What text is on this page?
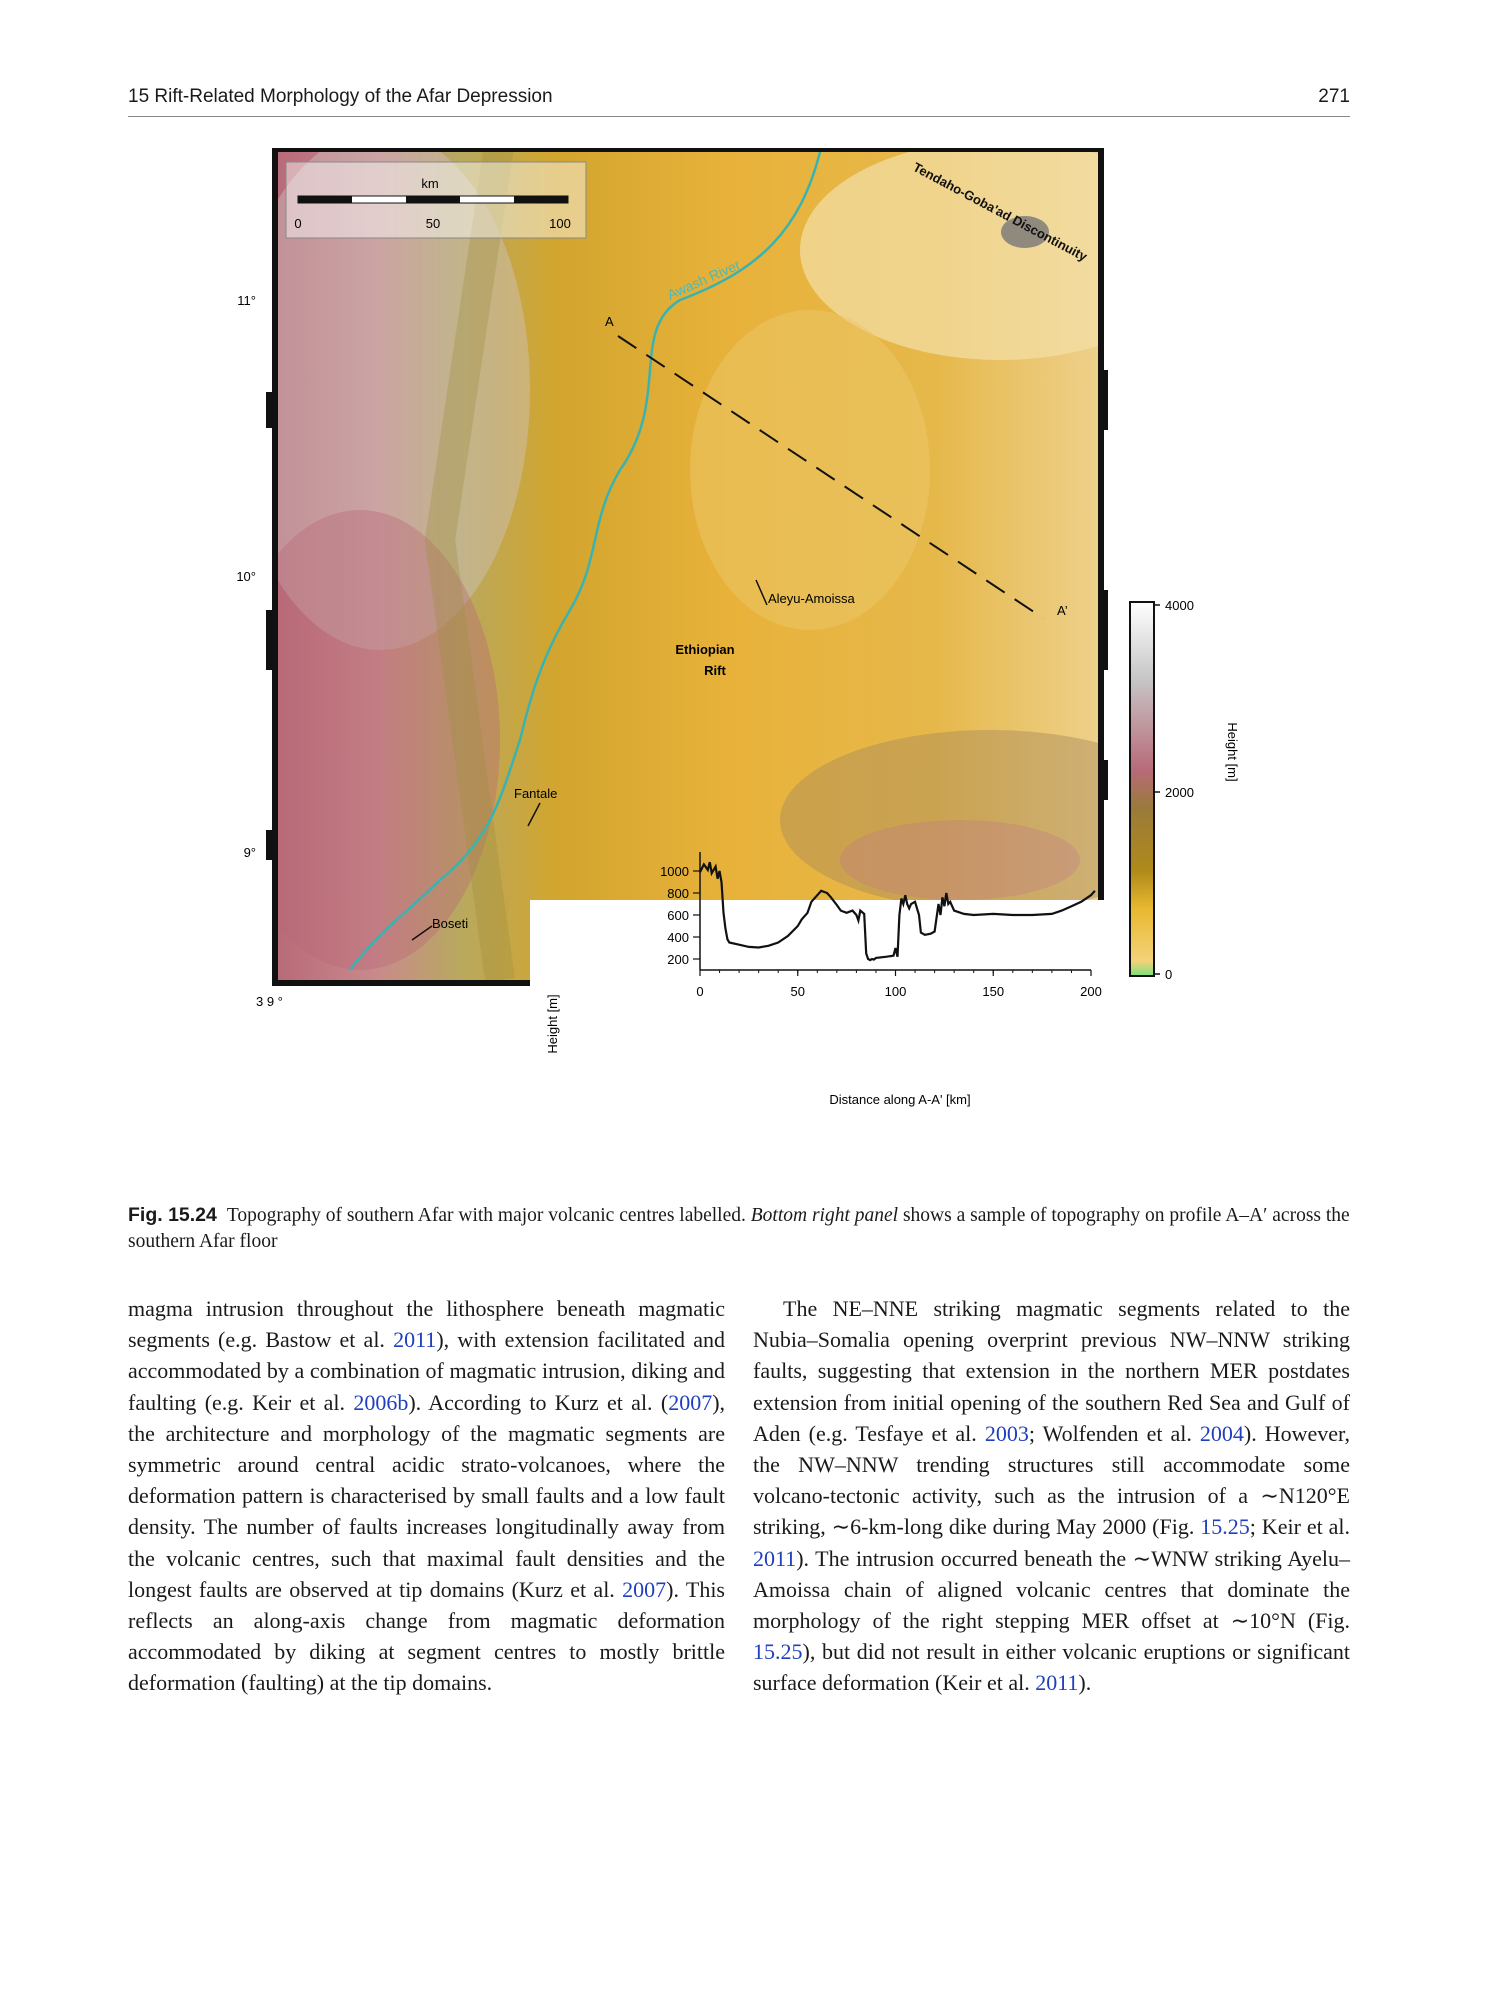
15 Rift-Related Morphology of the Afar Depression	271
km
0	50	100
11°
10°
9°
3 9 °
Awash River
Tendaho-Goba'ad Discontinuity
A
A’
Aleyu-Amoissa
Ethiopian
Rift
Fantale
Boseti
4000
2000
0
Height [m]
0	50	100	150	200
1000
800
600
400
200
Height [m]
Distance along A-A' [km]
Fig. 15.24 Topography of southern Afar with major volcanic centres labelled. Bottom right panel shows a sample of topography on profile A–A′ across the southern Afar floor

magma intrusion throughout the lithosphere beneath magmatic segments (e.g. Bastow et al. 2011), with extension facilitated and accommodated by a combination of magmatic intrusion, diking and faulting (e.g. Keir et al. 2006b). According to Kurz et al. (2007), the architecture and morphology of the magmatic segments are symmetric around central acidic strato-volcanoes, where the deformation pattern is characterised by small faults and a low fault density. The number of faults increases longitudinally away from the volcanic centres, such that maximal fault densities and the longest faults are observed at tip domains (Kurz et al. 2007). This reflects an along-axis change from magmatic deformation accommodated by diking at segment centres to mostly brittle deformation (faulting) at the tip domains.

The NE–NNE striking magmatic segments related to the Nubia–Somalia opening overprint previous NW–NNW striking faults, suggesting that extension in the northern MER postdates extension from initial opening of the southern Red Sea and Gulf of Aden (e.g. Tesfaye et al. 2003; Wolfenden et al. 2004). However, the NW–NNW trending structures still accommodate some volcano-tectonic activity, such as the intrusion of a ∼N120°E striking, ∼6-km-long dike during May 2000 (Fig. 15.25; Keir et al. 2011). The intrusion occurred beneath the ∼WNW striking Ayelu–Amoissa chain of aligned volcanic centres that dominate the morphology of the right stepping MER offset at ∼10°N (Fig. 15.25), but did not result in either volcanic eruptions or significant surface deformation (Keir et al. 2011).
